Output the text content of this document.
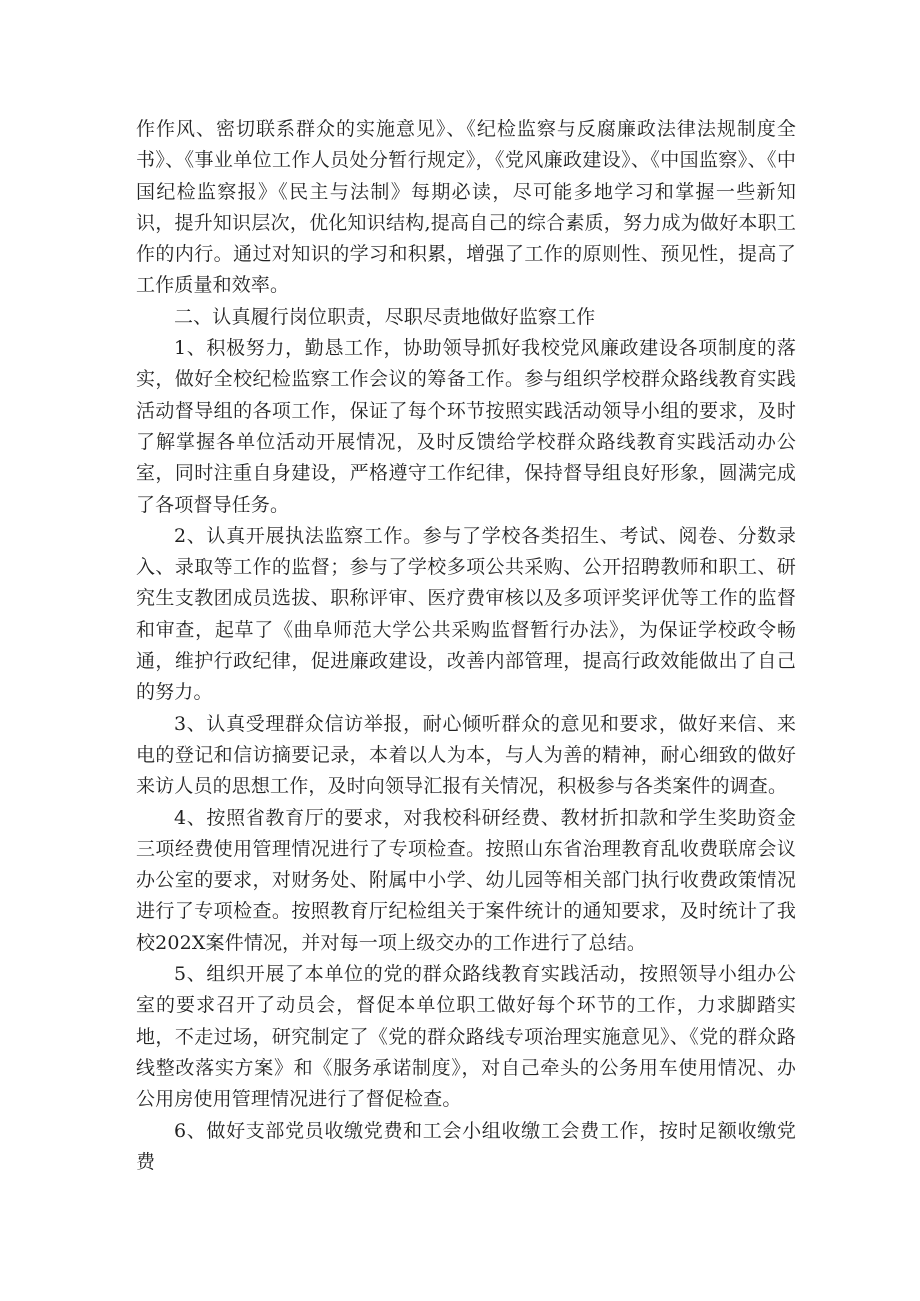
作作风、密切联系群众的实施意见》、《纪检监察与反腐廉政法律法规制度全书》、《事业单位工作人员处分暂行规定》，《党风廉政建设》、《中国监察》、《中国纪检监察报》《民主与法制》每期必读，尽可能多地学习和掌握一些新知识，提升知识层次，优化知识结构,提高自己的综合素质，努力成为做好本职工作的内行。通过对知识的学习和积累，增强了工作的原则性、预见性，提高了工作质量和效率。

二、认真履行岗位职责，尽职尽责地做好监察工作

1、积极努力，勤恳工作，协助领导抓好我校党风廉政建设各项制度的落实，做好全校纪检监察工作会议的筹备工作。参与组织学校群众路线教育实践活动督导组的各项工作，保证了每个环节按照实践活动领导小组的要求，及时了解掌握各单位活动开展情况，及时反馈给学校群众路线教育实践活动办公室，同时注重自身建设，严格遵守工作纪律，保持督导组良好形象，圆满完成了各项督导任务。

2、认真开展执法监察工作。参与了学校各类招生、考试、阅卷、分数录入、录取等工作的监督；参与了学校多项公共采购、公开招聘教师和职工、研究生支教团成员选拔、职称评审、医疗费审核以及多项评奖评优等工作的监督和审查，起草了《曲阜师范大学公共采购监督暂行办法》，为保证学校政令畅通，维护行政纪律，促进廉政建设，改善内部管理，提高行政效能做出了自己的努力。

3、认真受理群众信访举报，耐心倾听群众的意见和要求，做好来信、来电的登记和信访摘要记录，本着以人为本，与人为善的精神，耐心细致的做好来访人员的思想工作，及时向领导汇报有关情况，积极参与各类案件的调查。

4、按照省教育厅的要求，对我校科研经费、教材折扣款和学生奖助资金三项经费使用管理情况进行了专项检查。按照山东省治理教育乱收费联席会议办公室的要求，对财务处、附属中小学、幼儿园等相关部门执行收费政策情况进行了专项检查。按照教育厅纪检组关于案件统计的通知要求，及时统计了我校202X案件情况，并对每一项上级交办的工作进行了总结。

5、组织开展了本单位的党的群众路线教育实践活动，按照领导小组办公室的要求召开了动员会，督促本单位职工做好每个环节的工作，力求脚踏实地，不走过场，研究制定了《党的群众路线专项治理实施意见》、《党的群众路线整改落实方案》和《服务承诺制度》，对自己牵头的公务用车使用情况、办公用房使用管理情况进行了督促检查。

6、做好支部党员收缴党费和工会小组收缴工会费工作，按时足额收缴党费
